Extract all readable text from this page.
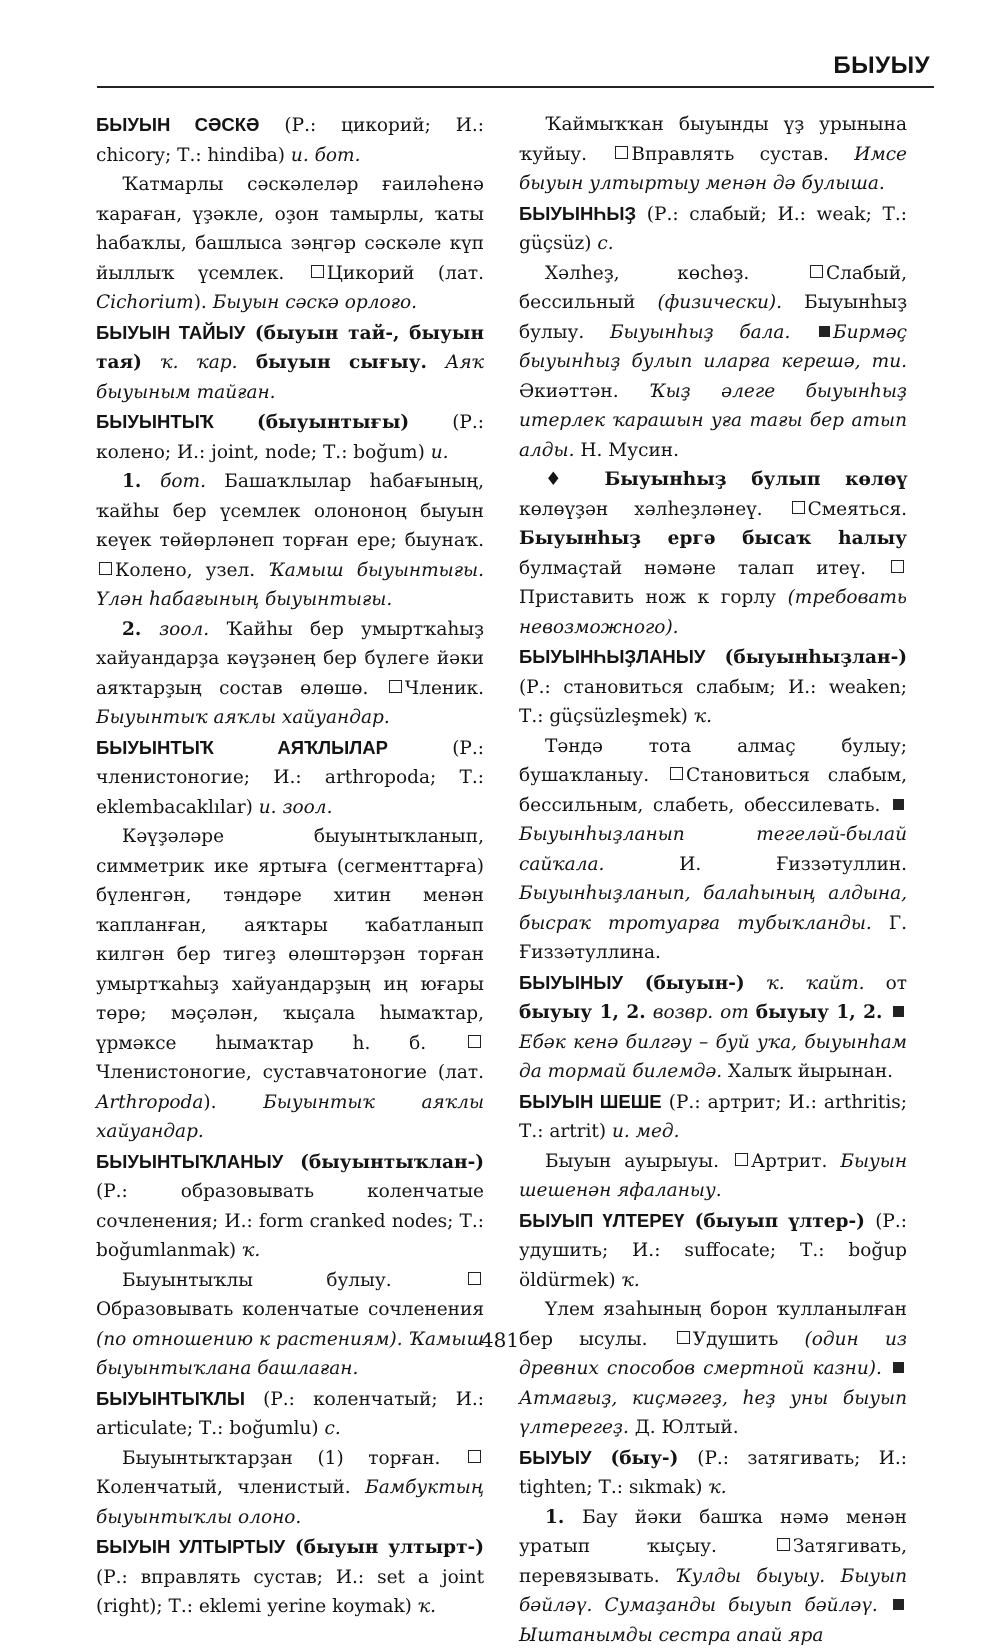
БЫУЫУ

БЫУЫН СӘСКӘ (Р.: цикорий; И.: chicory; Т.: hindiba) и. бот.

Ҡатмарлы сәскәлеләр ғаиләһенә ҡараған, үҙәкле, оҙон тамырлы, ҡаты һабаҡлы, башлыса зәңгәр сәскәле күп йыллыҡ үсемлек. Цикорий (лат. Cichorium). Быуын сәскә орлоғо.

БЫУЫН ТАЙЫУ (быуын тай-, быуын тая) ҡ. ҡар. быуын сығыу. Аяҡ быуыным тайған.

БЫУЫНТЫҠ (быуынтығы) (Р.: колено; И.: joint, node; Т.: boğum) и.

1. бот. Башаҡлылар һабағының, ҡайһы бер үсемлек олононоң быуын кеүек төйөрләнеп торған ере; быунаҡ. Колено, узел. Ҡамыш быуынтығы. Үлән һабағының быуынтығы.

2. зоол. Ҡайһы бер умыртҡаһыҙ хайуандарҙа кәүҙәнең бер бүлеге йәки аяҡтарҙың состав өлөшө. Членик. Быуынтыҡ аяҡлы хайуандар.

БЫУЫНТЫҠ АЯҠЛЫЛАР (Р.: членистоногие; И.: arthropoda; Т.: eklembacaklılar) и. зоол.

Кәүҙәләре быуынтыҡланып, симметрик ике яртыға (сегменттарға) бүленгән, тәндәре хитин менән ҡапланған, аяҡтары ҡабатланып килгән бер тигеҙ өлөштәрҙән торған умыртҡаһыҙ хайуандарҙың иң юғары төрө; мәҫәлән, ҡыҫала һымаҡтар, үрмәксе һымаҡтар һ. б. Членистоногие, суставчатоногие (лат. Arthropoda). Быуынтыҡ аяҡлы хайуандар.

БЫУЫНТЫҠЛАНЫУ (быуынтыҡлан-) (Р.: образовывать коленчатые сочленения; И.: form cranked nodes; Т.: boğumlanmak) ҡ.

Быуынтыҡлы булыу. Образовывать коленчатые сочленения (по отношению к растениям). Ҡамыш быуынтыҡлана башлаған.

БЫУЫНТЫҠЛЫ (Р.: коленчатый; И.: articulate; Т.: boğumlu) с.

Быуынтыҡтарҙан (1) торған. Коленчатый, членистый. Бамбуктың быуынтыҡлы олоно.

БЫУЫН УЛТЫРТЫУ (быуын ултырт-) (Р.: вправлять сустав; И.: set a joint (right); Т.: eklemi yerine koymak) ҡ.

Ҡаймыҡҡан быуынды үҙ урынына ҡуйыу. Вправлять сустав. Имсе быуын ултыртыу менән дә булыша.

БЫУЫНҺЫҘ (Р.: слабый; И.: weak; Т.: güçsüz) с.

Хәлһеҙ, көсһөҙ. Слабый, бессильный (физически). Быуынһыҙ булыу. Быуынһыҙ бала. Бирмәҫ быуынһыҙ булып иларға керешә, ти. Әкиәттән. Ҡыҙ әлеге быуынһыҙ итерлек ҡарашын уға тағы бер атып алды. Н. Мусин.

♦ Быуынһыҙ булып көлөү көлөүҙән хәлһеҙләнеү. Смеяться. Быуынһыҙ ергә бысаҡ һалыу булмаҫтай нәмәне талап итеү. Приставить нож к горлу (требовать невозможного).

БЫУЫНҺЫҘЛАНЫУ (быуынһыҙлан-) (Р.: становиться слабым; И.: weaken; Т.: güçsüzleşmek) ҡ.

Тәндә тота алмаҫ булыу; бушаҡланыу. Становиться слабым, бессильным, слабеть, обессилевать. Быуынһыҙланып тегеләй-былай сайҡала. И. Ғиззәтуллин. Быуынһыҙланып, балаһының алдына, бысраҡ тротуарға тубыҡланды. Г. Ғиззәтуллина.

БЫУЫНЫУ (быуын-) ҡ. ҡайт. от быуыу 1, 2. возвр. от быуыу 1, 2. Ебәк кенә билгәу – буй уҡа, быуынһам да тормай билемдә. Халыҡ йырынан.

БЫУЫН ШЕШЕ (Р.: артрит; И.: arthritis; Т.: artrit) и. мед.

Быуын ауырыуы. Артрит. Быуын шешенән яфаланыу.

БЫУЫП ҮЛТЕРЕҮ (быуып үлтер-) (Р.: удушить; И.: suffocate; Т.: boğup öldürmek) ҡ.

Үлем язаһының борон ҡулланылған бер ысулы. Удушить (один из древних способов смертной казни). Атмағыҙ, киҫмәгеҙ, һеҙ уны быуып үлтерегеҙ. Д. Юлтый.

БЫУЫУ (быу-) (Р.: затягивать; И.: tighten; Т.: sıkmak) ҡ.

1. Бау йәки башҡа нәмә менән уратып ҡыҫыу. Затягивать, перевязывать. Ҡулды быуыу. Быуып бәйләү. Сумаҙанды быуып бәйләү. Ыштанымды сестра апай яра

481
